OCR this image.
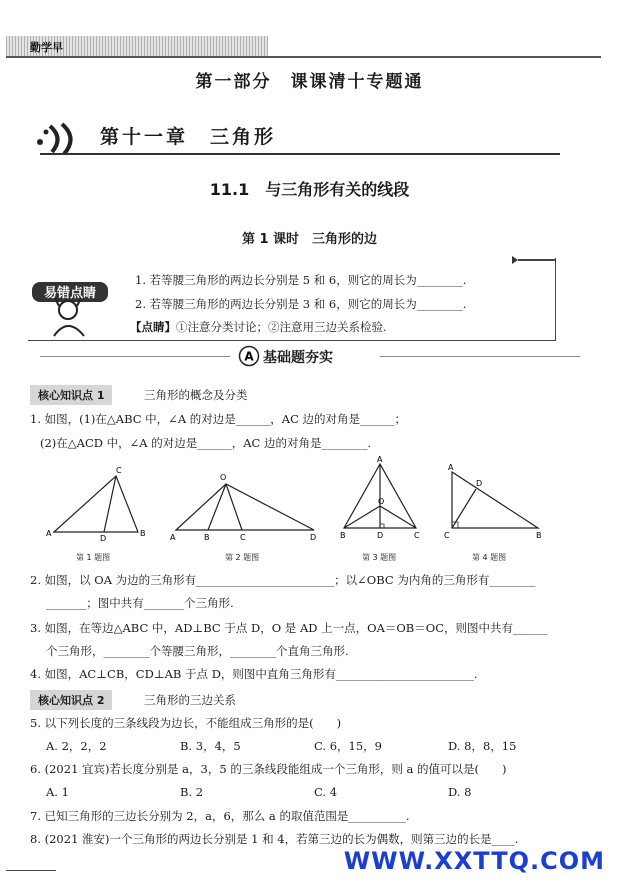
勤学早
第一部分　课课清十专题通
第十一章　三角形
11.1　与三角形有关的线段
第 1 课时　三角形的边
易错点睛
1. 若等腰三角形的两边长分别是 5 和 6，则它的周长为________.
2. 若等腰三角形的两边长分别是 3 和 6，则它的周长为________.
【点睛】①注意分类讨论；②注意用三边关系检验.
A 基础题夯实
核心知识点 1	三角形的概念及分类
1. 如图，(1)在△ABC 中，∠A 的对边是______，AC 边的对角是______；
(2)在△ACD 中，∠A 的对边是______，AC 边的对角是________.
C
A
D
B
第 1 题图
O
A	B	C	D
第 2 题图
A
O
B	D	C
第 3 题图
A
D
C	B
第 4 题图
2. 如图，以 OA 为边的三角形有________________________；以∠OBC 为内角的三角形有________
_______；图中共有_______个三角形.
3. 如图，在等边△ABC 中，AD⊥BC 于点 D，O 是 AD 上一点，OA＝OB＝OC，则图中共有______
个三角形，________个等腰三角形，________个直角三角形.
4. 如图，AC⊥CB，CD⊥AB 于点 D，则图中直角三角形有________________________.
核心知识点 2	三角形的三边关系
5. 以下列长度的三条线段为边长，不能组成三角形的是(　　)
A. 2，2，2	B. 3，4，5	C. 6，15，9	D. 8，8，15
6. (2021 宜宾)若长度分别是 a，3，5 的三条线段能组成一个三角形，则 a 的值可以是(　　)
A. 1	B. 2	C. 4	D. 8
7. 已知三角形的三边长分别为 2，a，6，那么 a 的取值范围是__________.
8. (2021 淮安)一个三角形的两边长分别是 1 和 4，若第三边的长为偶数，则第三边的长是____.
WWW.XXTTQ.COM
